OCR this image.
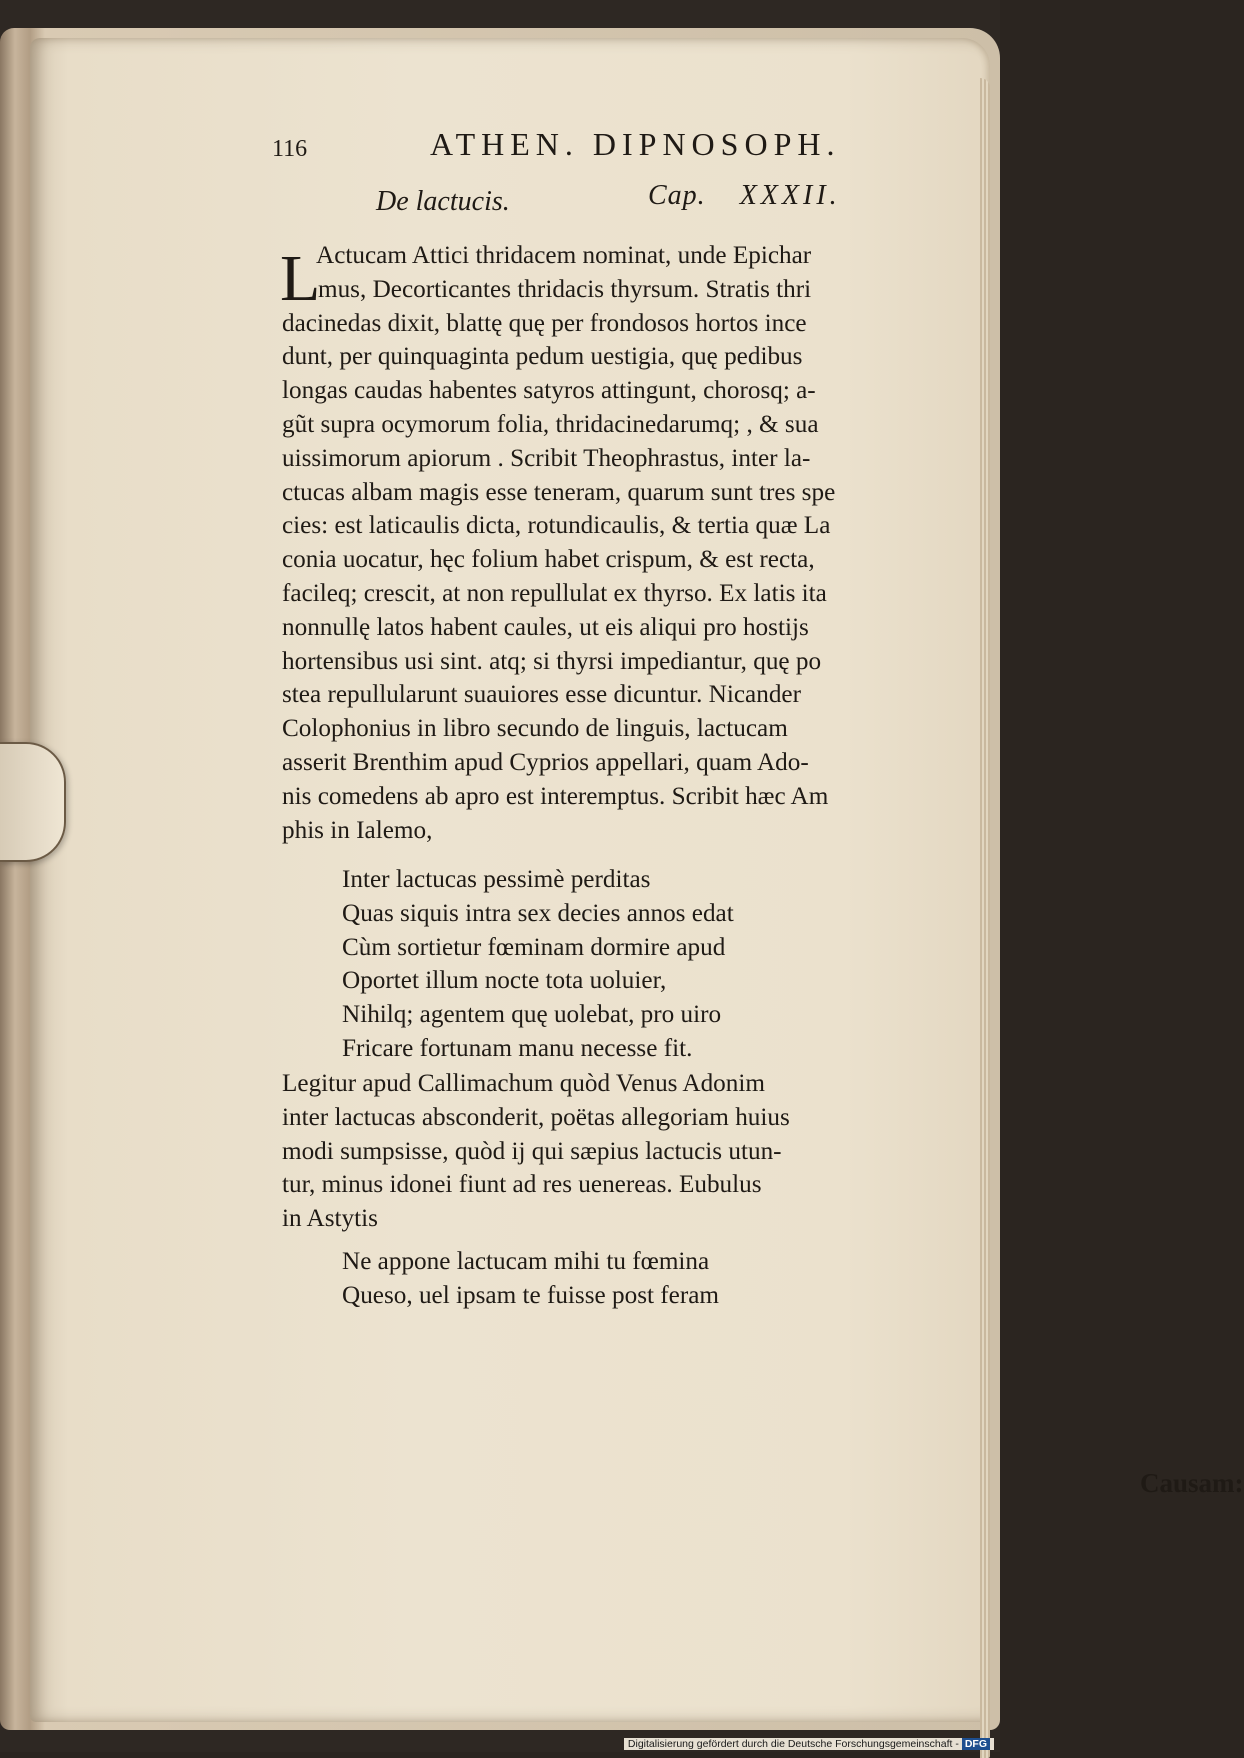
116	ATHEN. DIPNOSOPH.
De lactucis.	Cap. XXXII.
L
Actucam Attici thridacem nominat, unde Epichar
mus, Decorticantes thridacis thyrsum. Stratis thri
dacinedas dixit, blattę quę per frondosos hortos ince
dunt, per quinquaginta pedum uestigia, quę pedibus
longas caudas habentes satyros attingunt, chorosq; a-
gũt supra ocymorum folia, thridacinedarumq; , & sua
uissimorum apiorum . Scribit Theophrastus, inter la-
ctucas albam magis esse teneram, quarum sunt tres spe
cies: est laticaulis dicta, rotundicaulis, & tertia quæ La
conia uocatur, hęc folium habet crispum, & est recta,
facileq; crescit, at non repullulat ex thyrso. Ex latis ita
nonnullę latos habent caules, ut eis aliqui pro hostijs
hortensibus usi sint. atq; si thyrsi impediantur, quę po
stea repullularunt suauiores esse dicuntur. Nicander
Colophonius in libro secundo de linguis, lactucam
asserit Brenthim apud Cyprios appellari, quam Ado-
nis comedens ab apro est interemptus. Scribit hæc Am
phis in Ialemo,
Inter lactucas pessimè perditas
Quas siquis intra sex decies annos edat
Cùm sortietur fœminam dormire apud
Oportet illum nocte tota uoluier,
Nihilq; agentem quę uolebat, pro uiro
Fricare fortunam manu necesse fit.
Legitur apud Callimachum quòd Venus Adonim
inter lactucas absconderit, poëtas allegoriam huius
modi sumpsisse, quòd ij qui sæpius lactucis utun-
tur, minus idonei fiunt ad res uenereas. Eubulus
in Astytis
Ne appone lactucam mihi tu fœmina
Queso, uel ipsam te fuisse post feram
Causam:
Digitalisierung gefördert durch die Deutsche Forschungsgemeinschaft - DFG
